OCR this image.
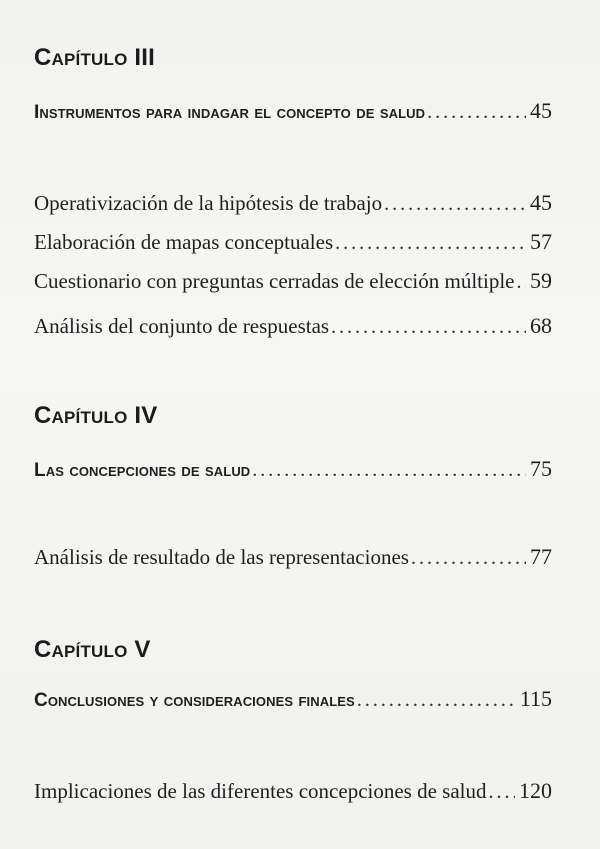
Capítulo III
Instrumentos para indagar el concepto de salud . . .	45
Operativización de la hipótesis de trabajo . . .	45
Elaboración de mapas conceptuales . . .	57
Cuestionario con preguntas cerradas de elección múltiple . . . 59
Análisis del conjunto de respuestas . . .	68
Capítulo IV
Las concepciones de salud . . .	75
Análisis de resultado de las representaciones . . .	77
Capítulo V
Conclusiones y consideraciones finales . . .	115
Implicaciones de las diferentes concepciones de salud . . . 120
